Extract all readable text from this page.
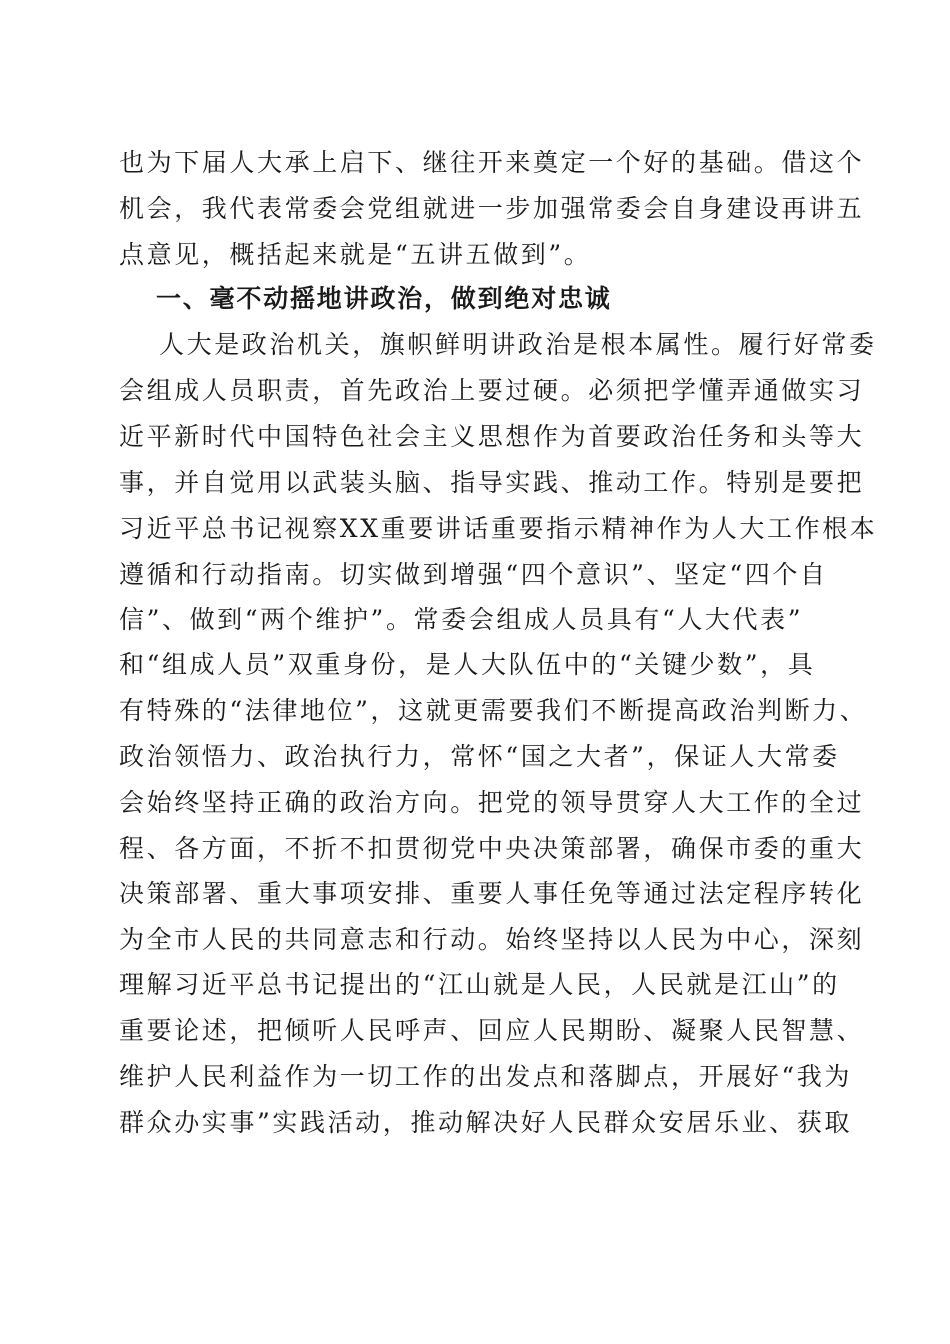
也为下届人大承上启下、继往开来奠定一个好的基础。借这个
机会，我代表常委会党组就进一步加强常委会自身建设再讲五
点意见，概括起来就是“五讲五做到”。
一、毫不动摇地讲政治，做到绝对忠诚
人大是政治机关，旗帜鲜明讲政治是根本属性。履行好常委
会组成人员职责，首先政治上要过硬。必须把学懂弄通做实习
近平新时代中国特色社会主义思想作为首要政治任务和头等大
事，并自觉用以武装头脑、指导实践、推动工作。特别是要把
习近平总书记视察XX重要讲话重要指示精神作为人大工作根本
遵循和行动指南。切实做到增强“四个意识”、坚定“四个自
信”、做到“两个维护”。常委会组成人员具有“人大代表”
和“组成人员”双重身份，是人大队伍中的“关键少数”，具
有特殊的“法律地位”，这就更需要我们不断提高政治判断力、
政治领悟力、政治执行力，常怀“国之大者”，保证人大常委
会始终坚持正确的政治方向。把党的领导贯穿人大工作的全过
程、各方面，不折不扣贯彻党中央决策部署，确保市委的重大
决策部署、重大事项安排、重要人事任免等通过法定程序转化
为全市人民的共同意志和行动。始终坚持以人民为中心，深刻
理解习近平总书记提出的“江山就是人民，人民就是江山”的
重要论述，把倾听人民呼声、回应人民期盼、凝聚人民智慧、
维护人民利益作为一切工作的出发点和落脚点，开展好“我为
群众办实事”实践活动，推动解决好人民群众安居乐业、获取
